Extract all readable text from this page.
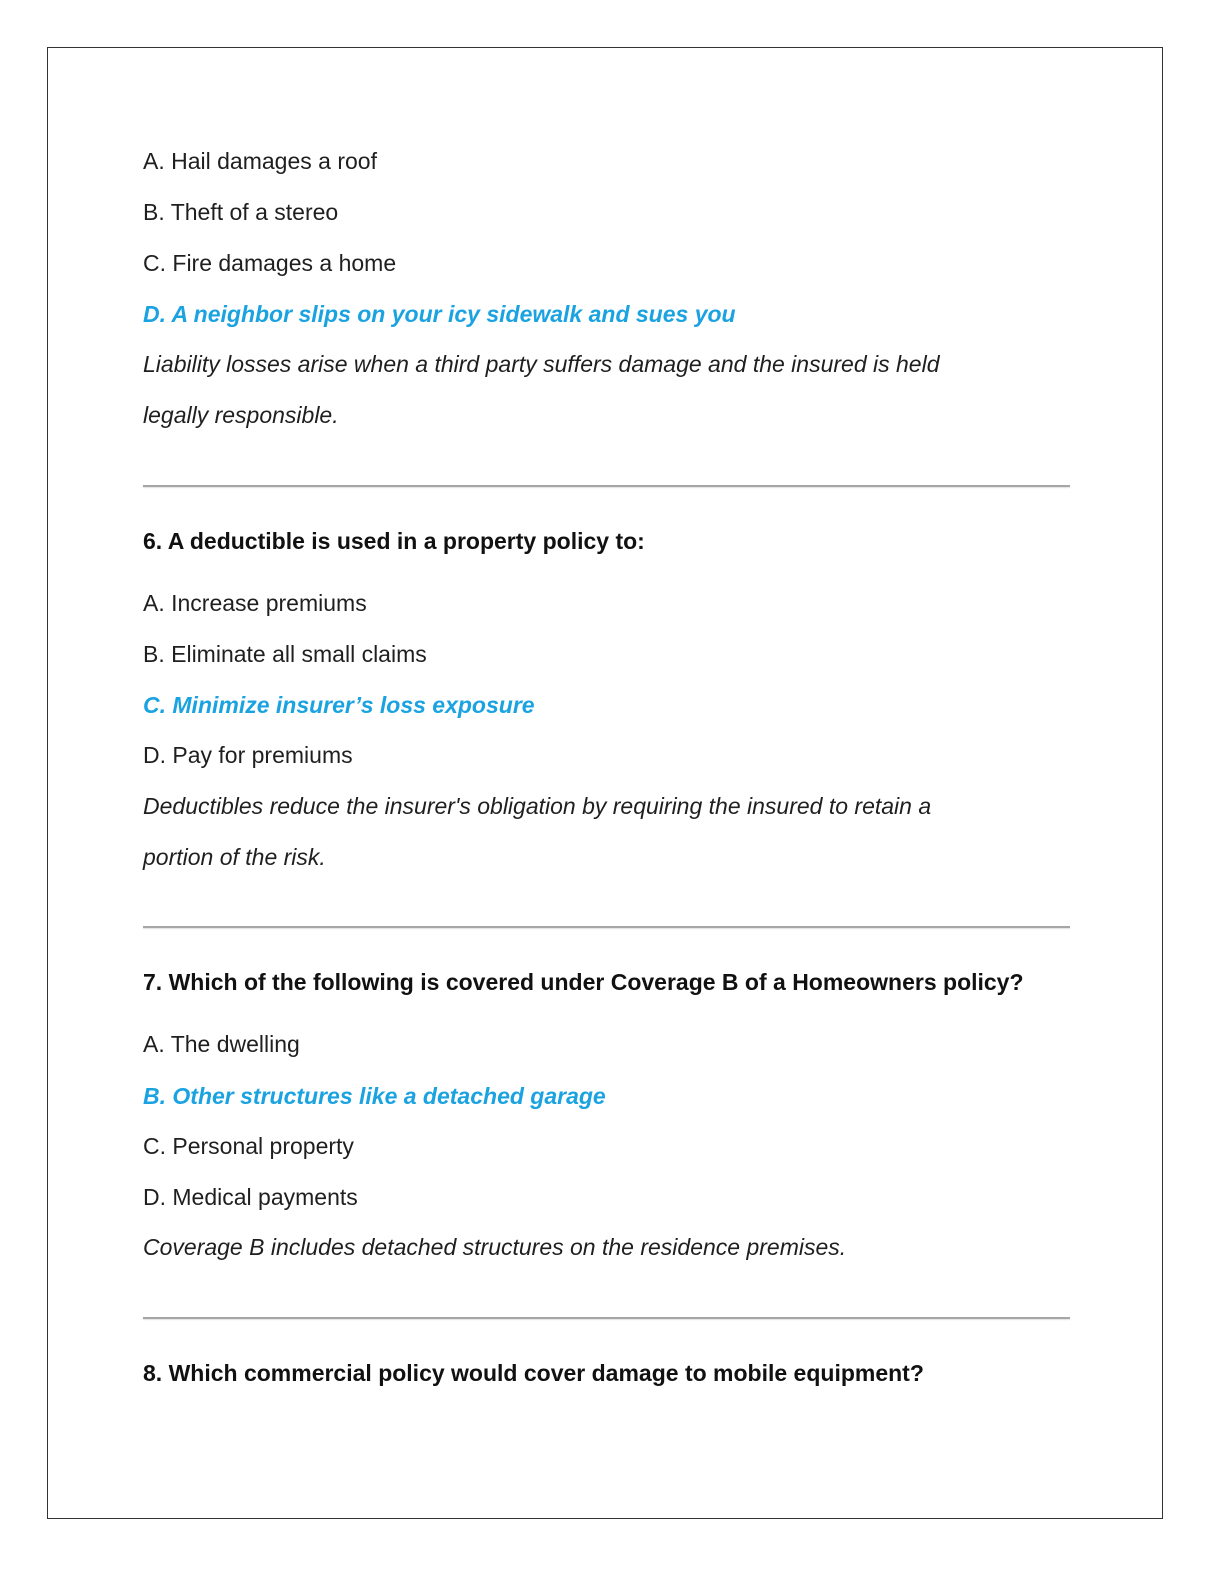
A. Hail damages a roof
B. Theft of a stereo
C. Fire damages a home
D. A neighbor slips on your icy sidewalk and sues you
Liability losses arise when a third party suffers damage and the insured is held
legally responsible.
6. A deductible is used in a property policy to:
A. Increase premiums
B. Eliminate all small claims
C. Minimize insurer’s loss exposure
D. Pay for premiums
Deductibles reduce the insurer's obligation by requiring the insured to retain a
portion of the risk.
7. Which of the following is covered under Coverage B of a Homeowners policy?
A. The dwelling
B. Other structures like a detached garage
C. Personal property
D. Medical payments
Coverage B includes detached structures on the residence premises.
8. Which commercial policy would cover damage to mobile equipment?
